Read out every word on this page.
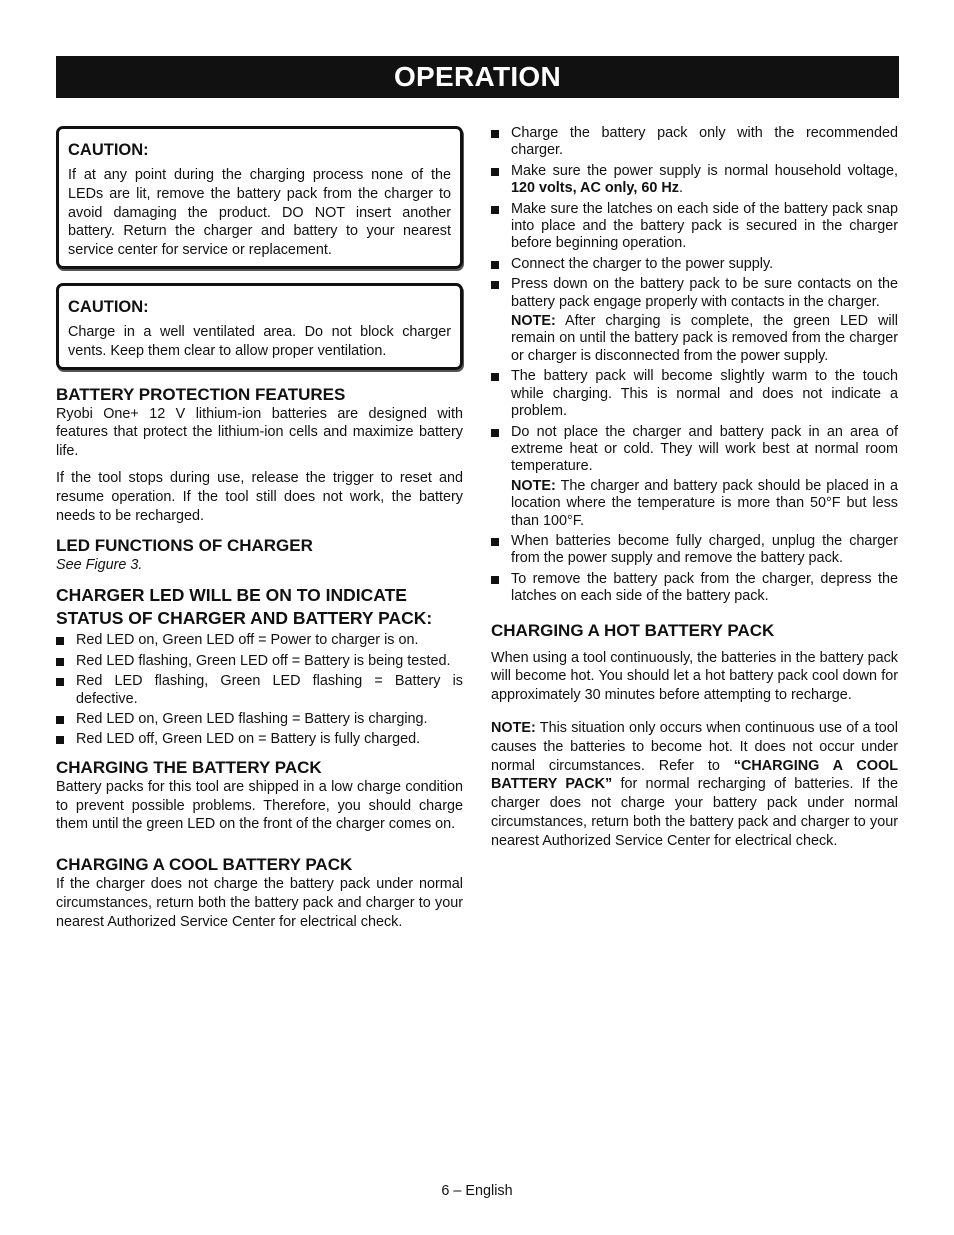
OPERATION
CAUTION:

If at any point during the charging process none of the LEDs are lit, remove the battery pack from the charger to avoid damaging the product. DO NOT insert another battery. Return the charger and battery to your nearest service center for service or replacement.

CAUTION:

Charge in a well ventilated area. Do not block charger vents. Keep them clear to allow proper ventilation.

BATTERY PROTECTION FEATURES

Ryobi One+ 12 V lithium-ion batteries are designed with features that protect the lithium-ion cells and maximize battery life.

If the tool stops during use, release the trigger to reset and resume operation. If the tool still does not work, the battery needs to be recharged.

LED FUNCTIONS OF CHARGER
See Figure 3.
CHARGER LED WILL BE ON TO INDICATE STATUS OF CHARGER AND BATTERY PACK:
Red LED on, Green LED off = Power to charger is on.
Red LED flashing, Green LED off = Battery is being tested.
Red LED flashing, Green LED flashing = Battery is defective.
Red LED on, Green LED flashing = Battery is charging.
Red LED off, Green LED on = Battery is fully charged.
CHARGING THE BATTERY PACK

Battery packs for this tool are shipped in a low charge condition to prevent possible problems. Therefore, you should charge them until the green LED on the front of the charger comes on.

CHARGING A COOL BATTERY PACK

If the charger does not charge the battery pack under normal circumstances, return both the battery pack and charger to your nearest Authorized Service Center for electrical check.

Charge the battery pack only with the recommended charger.
Make sure the power supply is normal household voltage, 120 volts, AC only, 60 Hz.
Make sure the latches on each side of the battery pack snap into place and the battery pack is secured in the charger before beginning operation.
Connect the charger to the power supply.
Press down on the battery pack to be sure contacts on the battery pack engage properly with contacts in the charger.
NOTE: After charging is complete, the green LED will remain on until the battery pack is removed from the charger or charger is disconnected from the power supply.
The battery pack will become slightly warm to the touch while charging. This is normal and does not indicate a problem.
Do not place the charger and battery pack in an area of extreme heat or cold. They will work best at normal room temperature.
NOTE: The charger and battery pack should be placed in a location where the temperature is more than 50°F but less than 100°F.
When batteries become fully charged, unplug the charger from the power supply and remove the battery pack.
To remove the battery pack from the charger, depress the latches on each side of the battery pack.
CHARGING A HOT BATTERY PACK

When using a tool continuously, the batteries in the battery pack will become hot. You should let a hot battery pack cool down for approximately 30 minutes before attempting to recharge.

NOTE: This situation only occurs when continuous use of a tool causes the batteries to become hot. It does not occur under normal circumstances. Refer to “CHARGING A COOL BATTERY PACK” for normal recharging of batteries. If the charger does not charge your battery pack under normal circumstances, return both the battery pack and charger to your nearest Authorized Service Center for electrical check.

6 – English
